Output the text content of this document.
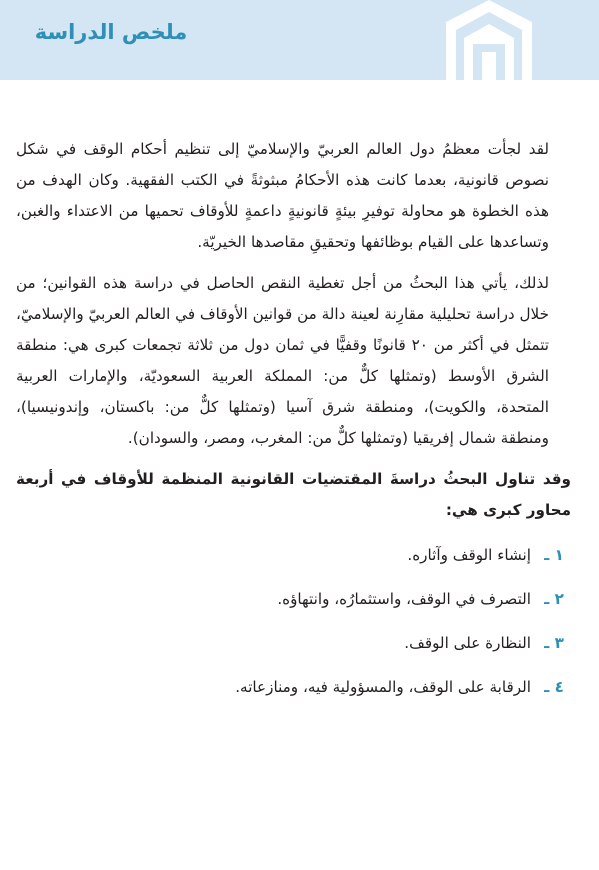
ملخص الدراسة

لقد لجأت معظمُ دول العالم العربيّ والإسلاميّ إلى تنظيم أحكام الوقف في شكل نصوص قانونية، بعدما كانت هذه الأحكامُ مبثوثةً في الكتب الفقهية. وكان الهدف من هذه الخطوة هو محاولة توفيرِ بيئةٍ قانونيةٍ داعمةٍ للأوقاف تحميها من الاعتداء والغبن، وتساعدها على القيام بوظائفها وتحقيقِ مقاصدها الخيريّة.

لذلك، يأتي هذا البحثُ من أجل تغطية النقص الحاصل في دراسة هذه القوانين؛ من خلال دراسة تحليلية مقارِنة لعينة دالة من قوانين الأوقاف في العالم العربيّ والإسلاميّ، تتمثل في أكثر من ٢٠ قانونًا وقفيًّا في ثمان دول من ثلاثة تجمعات كبرى هي: منطقة الشرق الأوسط (وتمثلها كلٌّ من: المملكة العربية السعوديّة، والإمارات العربية المتحدة، والكويت)، ومنطقة شرق آسيا (وتمثلها كلٌّ من: باكستان، وإندونيسيا)، ومنطقة شمال إفريقيا (وتمثلها كلٌّ من: المغرب، ومصر، والسودان).

وقد تناول البحثُ دراسةَ المقتضيات القانونية المنظمة للأوقاف في أربعة محاور كبرى هي:

١ ـ
إنشاء الوقف وآثاره.
٢ ـ
التصرف في الوقف، واستثمارُه، وانتهاؤه.
٣ ـ
النظارة على الوقف.
٤ ـ
الرقابة على الوقف، والمسؤولية فيه، ومنازعاته.
